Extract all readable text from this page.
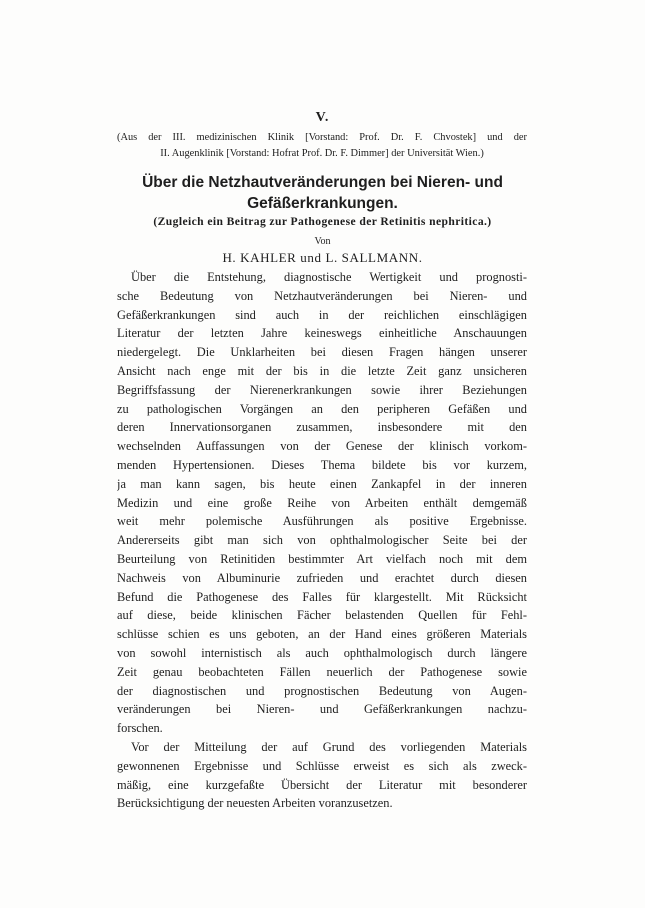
V.
(Aus der III. medizinischen Klinik [Vorstand: Prof. Dr. F. Chvostek] und der
II. Augenklinik [Vorstand: Hofrat Prof. Dr. F. Dimmer] der Universität Wien.)
Über die Netzhautveränderungen bei Nieren- und
Gefäßerkrankungen.
(Zugleich ein Beitrag zur Pathogenese der Retinitis nephritica.)
Von
H. KAHLER und L. SALLMANN.
Über die Entstehung, diagnostische Wertigkeit und prognosti-
sche Bedeutung von Netzhautveränderungen bei Nieren- und
Gefäßerkrankungen sind auch in der reichlichen einschlägigen
Literatur der letzten Jahre keineswegs einheitliche Anschauungen
niedergelegt. Die Unklarheiten bei diesen Fragen hängen unserer
Ansicht nach enge mit der bis in die letzte Zeit ganz unsicheren
Begriffsfassung der Nierenerkrankungen sowie ihrer Beziehungen
zu pathologischen Vorgängen an den peripheren Gefäßen und
deren Innervationsorganen zusammen, insbesondere mit den
wechselnden Auffassungen von der Genese der klinisch vorkom-
menden Hypertensionen. Dieses Thema bildete bis vor kurzem,
ja man kann sagen, bis heute einen Zankapfel in der inneren
Medizin und eine große Reihe von Arbeiten enthält demgemäß
weit mehr polemische Ausführungen als positive Ergebnisse.
Andererseits gibt man sich von ophthalmologischer Seite bei der
Beurteilung von Retinitiden bestimmter Art vielfach noch mit dem
Nachweis von Albuminurie zufrieden und erachtet durch diesen
Befund die Pathogenese des Falles für klargestellt. Mit Rücksicht
auf diese, beide klinischen Fächer belastenden Quellen für Fehl-
schlüsse schien es uns geboten, an der Hand eines größeren Materials
von sowohl internistisch als auch ophthalmologisch durch längere
Zeit genau beobachteten Fällen neuerlich der Pathogenese sowie
der diagnostischen und prognostischen Bedeutung von Augen-
veränderungen bei Nieren- und Gefäßerkrankungen nachzu-
forschen.
Vor der Mitteilung der auf Grund des vorliegenden Materials
gewonnenen Ergebnisse und Schlüsse erweist es sich als zweck-
mäßig, eine kurzgefaßte Übersicht der Literatur mit besonderer
Berücksichtigung der neuesten Arbeiten voranzusetzen.
